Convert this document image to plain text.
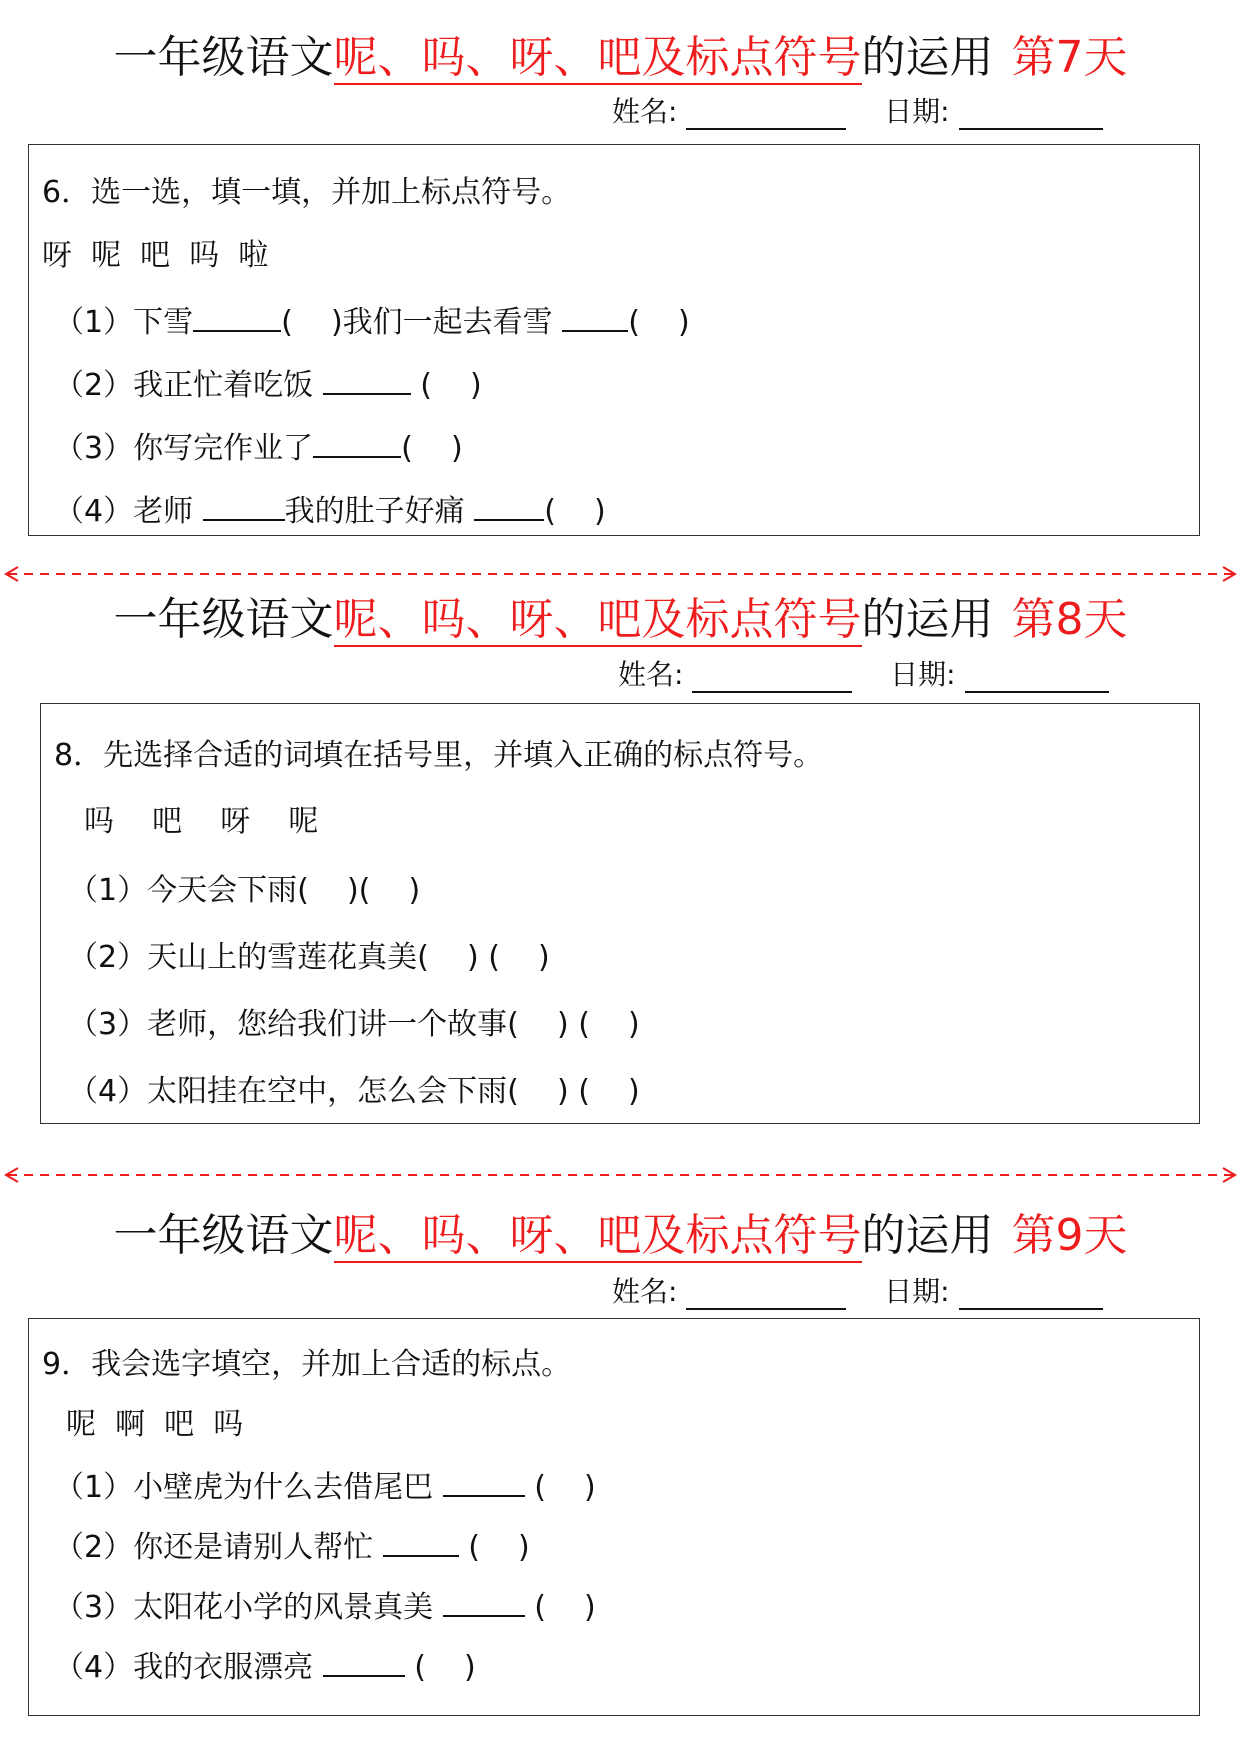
一年级语文呢、吗、呀、吧及标点符号的运用 第7天
姓名:	日期:
6．选一选，填一填，并加上标点符号。
呀  呢  吧  吗  啦
（1）下雪	(    )我们一起去看雪	(    )
（2）我正忙着吃饭	(    )
（3）你写完作业了	(    )
（4）老师	我的肚子好痛	(    )
一年级语文呢、吗、呀、吧及标点符号的运用 第8天
姓名:	日期:
8．先选择合适的词填在括号里，并填入正确的标点符号。
吗    吧    呀    呢
（1）今天会下雨(    )(    )
（2）天山上的雪莲花真美(    ) (    )
（3）老师，您给我们讲一个故事(    ) (    )
（4）太阳挂在空中，怎么会下雨(    ) (    )
一年级语文呢、吗、呀、吧及标点符号的运用 第9天
姓名:	日期:
9．我会选字填空，并加上合适的标点。
呢  啊  吧  吗
（1）小壁虎为什么去借尾巴	(    )
（2）你还是请别人帮忙	(    )
（3）太阳花小学的风景真美	(    )
（4）我的衣服漂亮	(    )
